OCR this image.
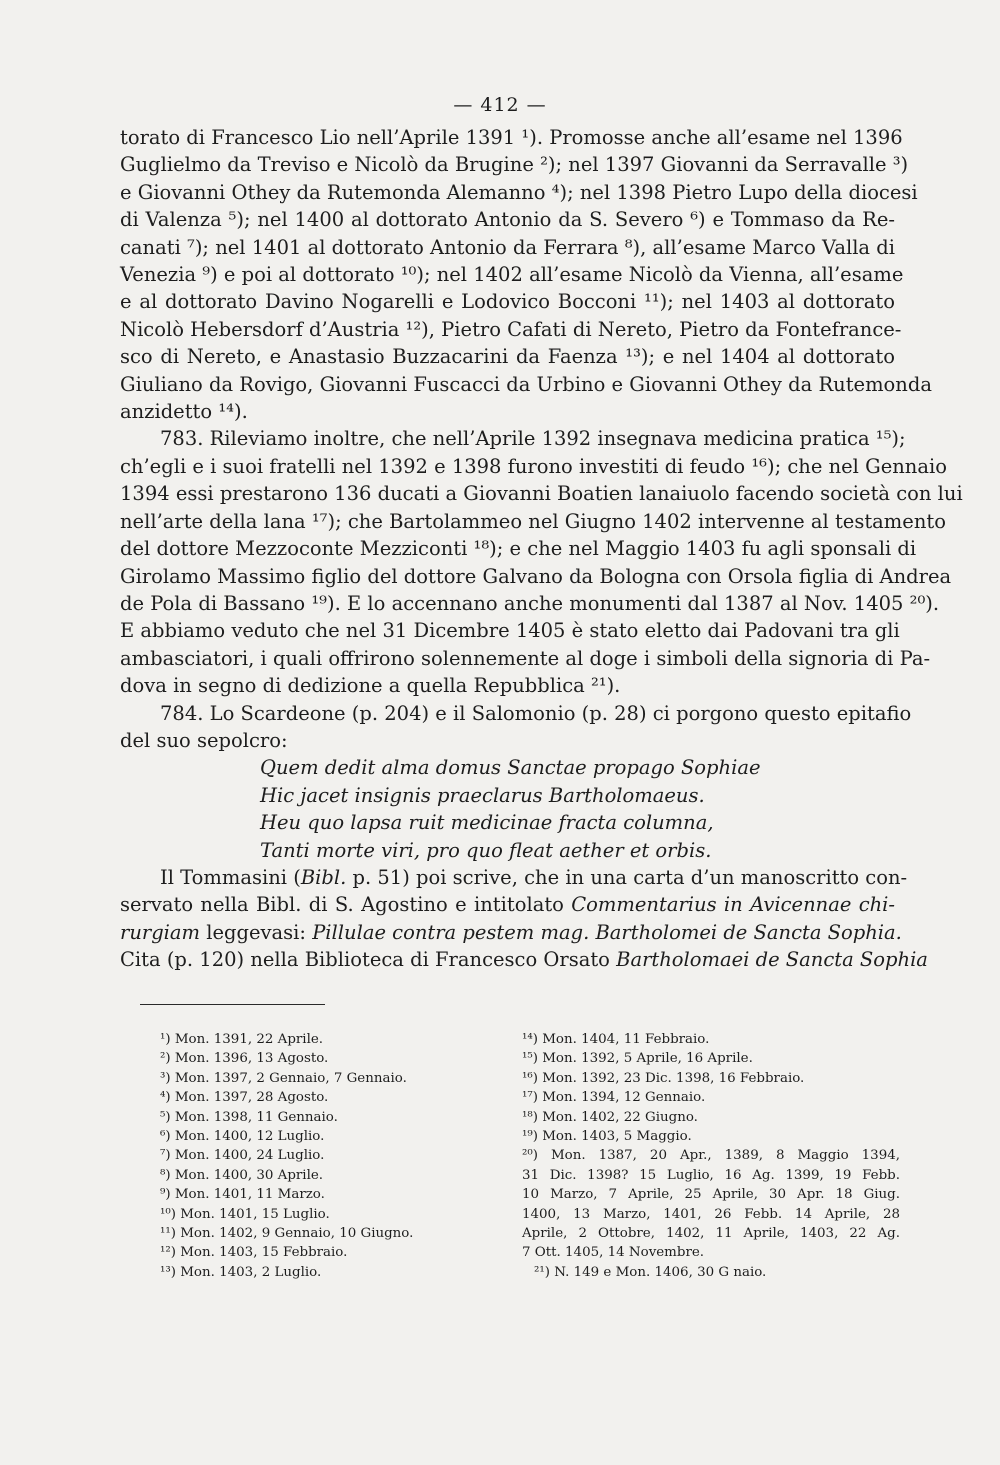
— 412 —
torato di Francesco Lio nell’Aprile 1391 ¹). Promosse anche all’esame nel 1396
Guglielmo da Treviso e Nicolò da Brugine ²); nel 1397 Giovanni da Serravalle ³)
e Giovanni Othey da Rutemonda Alemanno ⁴); nel 1398 Pietro Lupo della diocesi
di Valenza ⁵); nel 1400 al dottorato Antonio da S. Severo ⁶) e Tommaso da Re-
canati ⁷); nel 1401 al dottorato Antonio da Ferrara ⁸), all’esame Marco Valla di
Venezia ⁹) e poi al dottorato ¹⁰); nel 1402 all’esame Nicolò da Vienna, all’esame
e al dottorato Davino Nogarelli e Lodovico Bocconi ¹¹); nel 1403 al dottorato
Nicolò Hebersdorf d’Austria ¹²), Pietro Cafati di Nereto, Pietro da Fontefrance-
sco di Nereto, e Anastasio Buzzacarini da Faenza ¹³); e nel 1404 al dottorato
Giuliano da Rovigo, Giovanni Fuscacci da Urbino e Giovanni Othey da Rutemonda
anzidetto ¹⁴).
783. Rileviamo inoltre, che nell’Aprile 1392 insegnava medicina pratica ¹⁵);
ch’egli e i suoi fratelli nel 1392 e 1398 furono investiti di feudo ¹⁶); che nel Gennaio
1394 essi prestarono 136 ducati a Giovanni Boatien lanaiuolo facendo società con lui
nell’arte della lana ¹⁷); che Bartolammeo nel Giugno 1402 intervenne al testamento
del dottore Mezzoconte Mezziconti ¹⁸); e che nel Maggio 1403 fu agli sponsali di
Girolamo Massimo figlio del dottore Galvano da Bologna con Orsola figlia di Andrea
de Pola di Bassano ¹⁹). E lo accennano anche monumenti dal 1387 al Nov. 1405 ²⁰).
E abbiamo veduto che nel 31 Dicembre 1405 è stato eletto dai Padovani tra gli
ambasciatori, i quali offrirono solennemente al doge i simboli della signoria di Pa-
dova in segno di dedizione a quella Repubblica ²¹).
784. Lo Scardeone (p. 204) e il Salomonio (p. 28) ci porgono questo epitafio
del suo sepolcro:
Quem dedit alma domus Sanctae propago Sophiae
Hic jacet insignis praeclarus Bartholomaeus.
Heu quo lapsa ruit medicinae fracta columna,
Tanti morte viri, pro quo fleat aether et orbis.
Il Tommasini (Bibl. p. 51) poi scrive, che in una carta d’un manoscritto con-
servato nella Bibl. di S. Agostino e intitolato Commentarius in Avicennae chi-
rurgiam leggevasi: Pillulae contra pestem mag. Bartholomei de Sancta Sophia.
Cita (p. 120) nella Biblioteca di Francesco Orsato Bartholomaei de Sancta Sophia
¹) Mon. 1391, 22 Aprile.
²) Mon. 1396, 13 Agosto.
³) Mon. 1397, 2 Gennaio, 7 Gennaio.
⁴) Mon. 1397, 28 Agosto.
⁵) Mon. 1398, 11 Gennaio.
⁶) Mon. 1400, 12 Luglio.
⁷) Mon. 1400, 24 Luglio.
⁸) Mon. 1400, 30 Aprile.
⁹) Mon. 1401, 11 Marzo.
¹⁰) Mon. 1401, 15 Luglio.
¹¹) Mon. 1402, 9 Gennaio, 10 Giugno.
¹²) Mon. 1403, 15 Febbraio.
¹³) Mon. 1403, 2 Luglio.
¹⁴) Mon. 1404, 11 Febbraio.
¹⁵) Mon. 1392, 5 Aprile, 16 Aprile.
¹⁶) Mon. 1392, 23 Dic. 1398, 16 Febbraio.
¹⁷) Mon. 1394, 12 Gennaio.
¹⁸) Mon. 1402, 22 Giugno.
¹⁹) Mon. 1403, 5 Maggio.
²⁰) Mon. 1387, 20 Apr., 1389, 8 Maggio 1394,
31 Dic. 1398? 15 Luglio, 16 Ag. 1399, 19 Febb.
10 Marzo, 7 Aprile, 25 Aprile, 30 Apr. 18 Giug.
1400, 13 Marzo, 1401, 26 Febb. 14 Aprile, 28
Aprile, 2 Ottobre, 1402, 11 Aprile, 1403, 22 Ag.
7 Ott. 1405, 14 Novembre.
²¹) N. 149 e Mon. 1406, 30 G naio.
